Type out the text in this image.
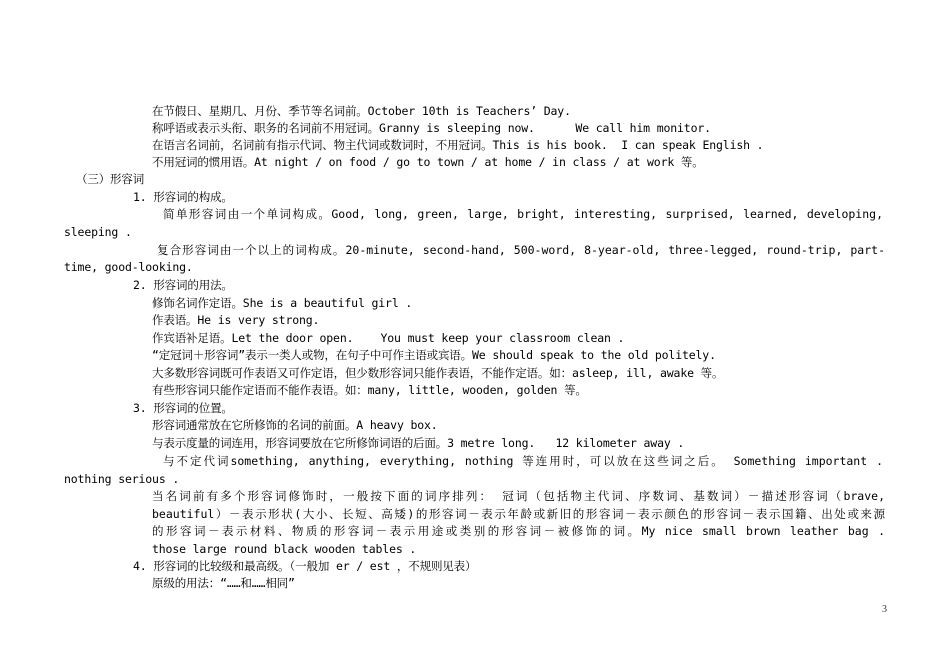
在节假日、星期几、月份、季节等名词前。October 10th is Teachers’ Day.
称呼语或表示头衔、职务的名词前不用冠词。Granny is sleeping now.      We call him monitor.
在语言名词前，名词前有指示代词、物主代词或数词时，不用冠词。This is his book.  I can speak English .
不用冠词的惯用语。At night / on food / go to town / at home / in class / at work 等。
（三）形容词
1. 形容词的构成。
简单形容词由一个单词构成。Good, long, green, large, bright, interesting, surprised, learned, developing,
sleeping .
复合形容词由一个以上的词构成。20-minute, second-hand, 500-word, 8-year-old, three-legged, round-trip, part-
time, good-looking.
2. 形容词的用法。
修饰名词作定语。She is a beautiful girl .
作表语。He is very strong.
作宾语补足语。Let the door open.    You must keep your classroom clean .
“定冠词＋形容词”表示一类人或物，在句子中可作主语或宾语。We should speak to the old politely.
大多数形容词既可作表语又可作定语，但少数形容词只能作表语，不能作定语。如：asleep, ill, awake 等。
有些形容词只能作定语而不能作表语。如：many, little, wooden, golden 等。
3. 形容词的位置。
形容词通常放在它所修饰的名词的前面。A heavy box.
与表示度量的词连用，形容词要放在它所修饰词语的后面。3 metre long.   12 kilometer away .
与不定代词something, anything, everything, nothing 等连用时，可以放在这些词之后。 Something important .
nothing serious .
当名词前有多个形容词修饰时，一般按下面的词序排列： 冠词（包括物主代词、序数词、基数词）－描述形容词（brave,
beautiful）－表示形状(大小、长短、高矮)的形容词－表示年龄或新旧的形容词－表示颜色的形容词－表示国籍、出处或来源
的形容词－表示材料、物质的形容词－表示用途或类别的形容词－被修饰的词。My nice small brown leather bag .
those large round black wooden tables .
4. 形容词的比较级和最高级。（一般加 er / est ，不规则见表）
原级的用法：“……和……相同”
3
